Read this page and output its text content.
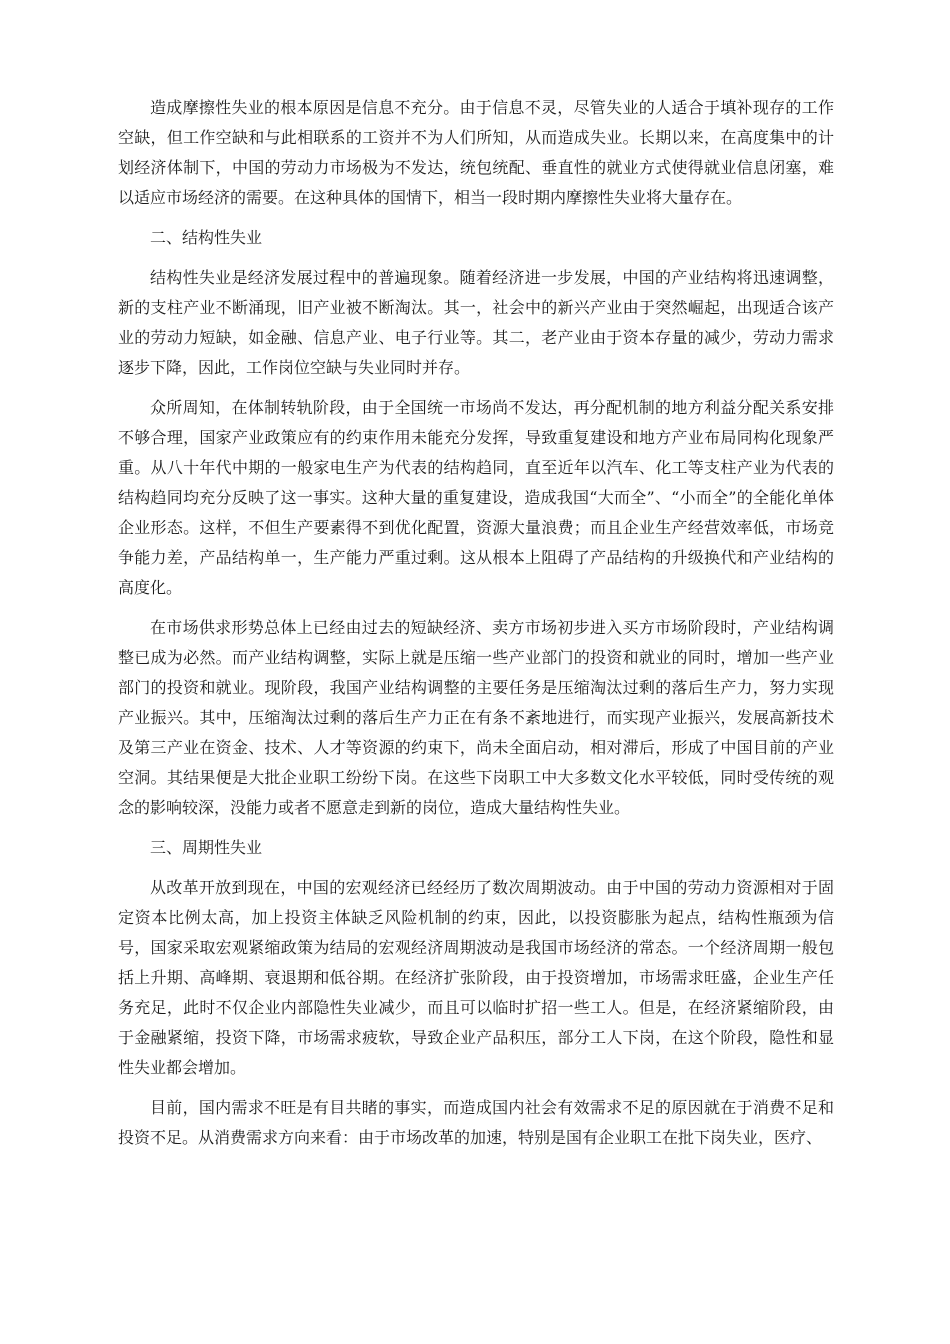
造成摩擦性失业的根本原因是信息不充分。由于信息不灵，尽管失业的人适合于填补现存的工作空缺，但工作空缺和与此相联系的工资并不为人们所知，从而造成失业。长期以来，在高度集中的计划经济体制下，中国的劳动力市场极为不发达，统包统配、垂直性的就业方式使得就业信息闭塞，难以适应市场经济的需要。在这种具体的国情下，相当一段时期内摩擦性失业将大量存在。

二、结构性失业

结构性失业是经济发展过程中的普遍现象。随着经济进一步发展，中国的产业结构将迅速调整，新的支柱产业不断涌现，旧产业被不断淘汰。其一，社会中的新兴产业由于突然崛起，出现适合该产业的劳动力短缺，如金融、信息产业、电子行业等。其二，老产业由于资本存量的减少，劳动力需求逐步下降，因此，工作岗位空缺与失业同时并存。

众所周知，在体制转轨阶段，由于全国统一市场尚不发达，再分配机制的地方利益分配关系安排不够合理，国家产业政策应有的约束作用未能充分发挥，导致重复建设和地方产业布局同构化现象严重。从八十年代中期的一般家电生产为代表的结构趋同，直至近年以汽车、化工等支柱产业为代表的结构趋同均充分反映了这一事实。这种大量的重复建设，造成我国“大而全”、“小而全”的全能化单体企业形态。这样，不但生产要素得不到优化配置，资源大量浪费；而且企业生产经营效率低，市场竞争能力差，产品结构单一，生产能力严重过剩。这从根本上阻碍了产品结构的升级换代和产业结构的高度化。

在市场供求形势总体上已经由过去的短缺经济、卖方市场初步进入买方市场阶段时，产业结构调整已成为必然。而产业结构调整，实际上就是压缩一些产业部门的投资和就业的同时，增加一些产业部门的投资和就业。现阶段，我国产业结构调整的主要任务是压缩淘汰过剩的落后生产力，努力实现产业振兴。其中，压缩淘汰过剩的落后生产力正在有条不紊地进行，而实现产业振兴，发展高新技术及第三产业在资金、技术、人才等资源的约束下，尚未全面启动，相对滞后，形成了中国目前的产业空洞。其结果便是大批企业职工纷纷下岗。在这些下岗职工中大多数文化水平较低，同时受传统的观念的影响较深，没能力或者不愿意走到新的岗位，造成大量结构性失业。

三、周期性失业

从改革开放到现在，中国的宏观经济已经经历了数次周期波动。由于中国的劳动力资源相对于固定资本比例太高，加上投资主体缺乏风险机制的约束，因此，以投资膨胀为起点，结构性瓶颈为信号，国家采取宏观紧缩政策为结局的宏观经济周期波动是我国市场经济的常态。一个经济周期一般包括上升期、高峰期、衰退期和低谷期。在经济扩张阶段，由于投资增加，市场需求旺盛，企业生产任务充足，此时不仅企业内部隐性失业减少，而且可以临时扩招一些工人。但是，在经济紧缩阶段，由于金融紧缩，投资下降，市场需求疲软，导致企业产品积压，部分工人下岗，在这个阶段，隐性和显性失业都会增加。

目前，国内需求不旺是有目共睹的事实，而造成国内社会有效需求不足的原因就在于消费不足和投资不足。从消费需求方向来看：由于市场改革的加速，特别是国有企业职工在批下岗失业，医疗、
